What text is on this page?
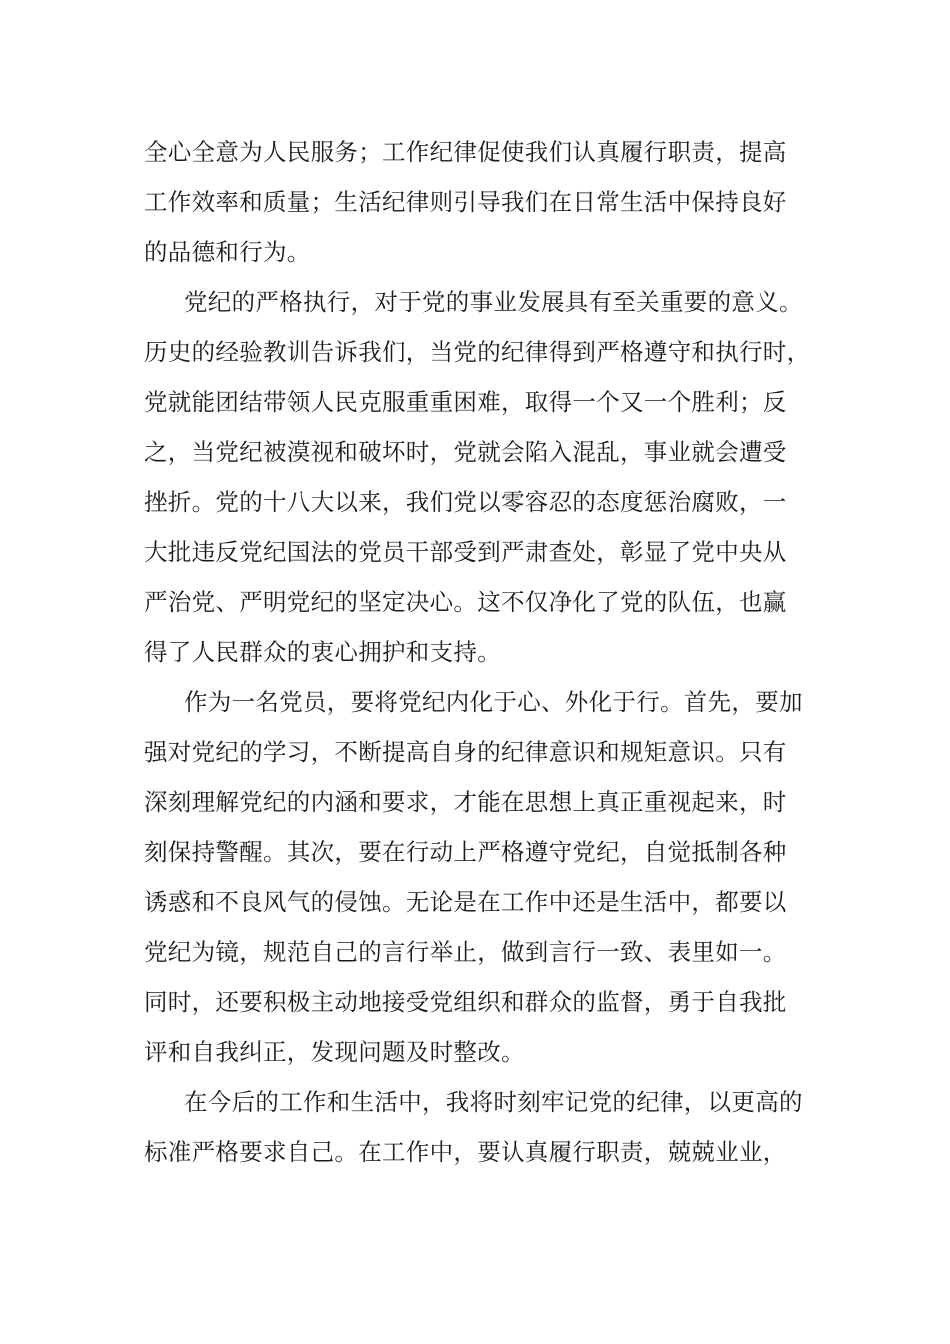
全心全意为人民服务；工作纪律促使我们认真履行职责，提高
工作效率和质量；生活纪律则引导我们在日常生活中保持良好
的品德和行为。
党纪的严格执行，对于党的事业发展具有至关重要的意义。
历史的经验教训告诉我们，当党的纪律得到严格遵守和执行时，
党就能团结带领人民克服重重困难，取得一个又一个胜利；反
之，当党纪被漠视和破坏时，党就会陷入混乱，事业就会遭受
挫折。党的十八大以来，我们党以零容忍的态度惩治腐败，一
大批违反党纪国法的党员干部受到严肃查处，彰显了党中央从
严治党、严明党纪的坚定决心。这不仅净化了党的队伍，也赢
得了人民群众的衷心拥护和支持。
作为一名党员，要将党纪内化于心、外化于行。首先，要加
强对党纪的学习，不断提高自身的纪律意识和规矩意识。只有
深刻理解党纪的内涵和要求，才能在思想上真正重视起来，时
刻保持警醒。其次，要在行动上严格遵守党纪，自觉抵制各种
诱惑和不良风气的侵蚀。无论是在工作中还是生活中，都要以
党纪为镜，规范自己的言行举止，做到言行一致、表里如一。
同时，还要积极主动地接受党组织和群众的监督，勇于自我批
评和自我纠正，发现问题及时整改。
在今后的工作和生活中，我将时刻牢记党的纪律，以更高的
标准严格要求自己。在工作中，要认真履行职责，兢兢业业，
